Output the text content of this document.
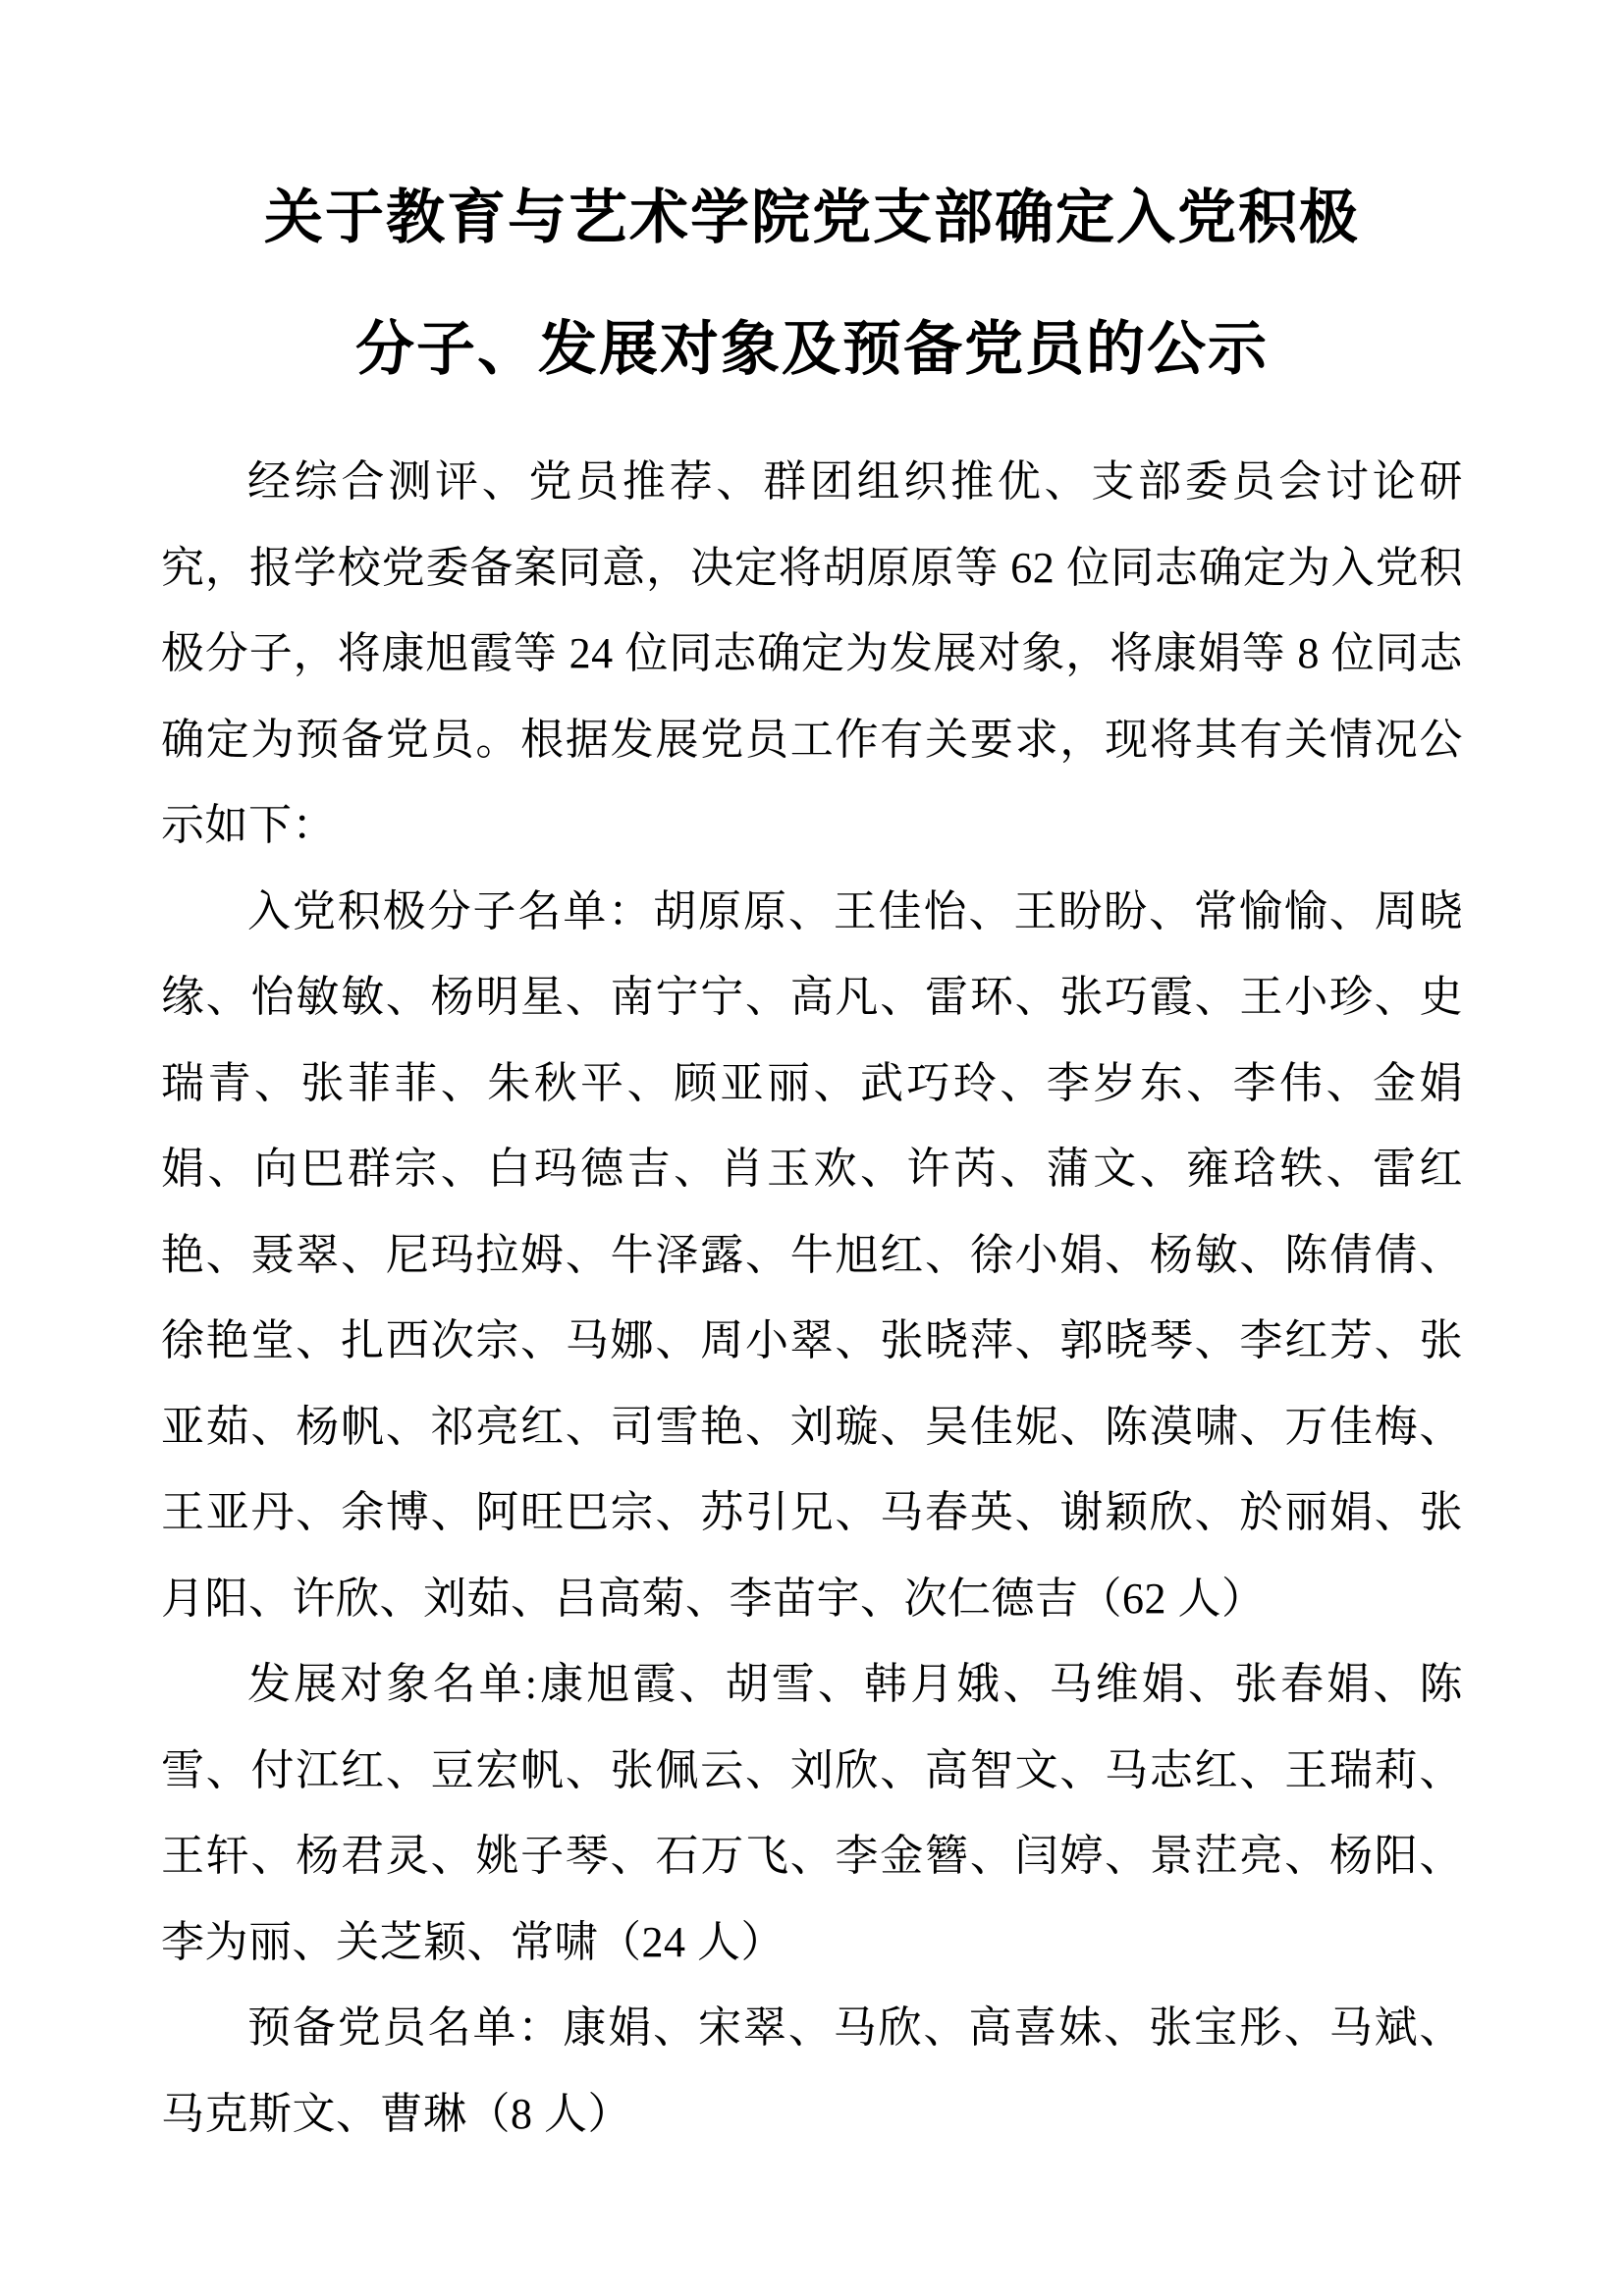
关于教育与艺术学院党支部确定入党积极
分子、发展对象及预备党员的公示

经综合测评、党员推荐、群团组织推优、支部委员会讨论研究，报学校党委备案同意，决定将胡原原等 62 位同志确定为入党积极分子，将康旭霞等 24 位同志确定为发展对象，将康娟等 8 位同志确定为预备党员。根据发展党员工作有关要求，现将其有关情况公示如下：

入党积极分子名单：胡原原、王佳怡、王盼盼、常愉愉、周晓缘、怡敏敏、杨明星、南宁宁、高凡、雷环、张巧霞、王小珍、史瑞青、张菲菲、朱秋平、顾亚丽、武巧玲、李岁东、李伟、金娟娟、向巴群宗、白玛德吉、肖玉欢、许芮、蒲文、雍琀轶、雷红艳、聂翠、尼玛拉姆、牛泽露、牛旭红、徐小娟、杨敏、陈倩倩、徐艳堂、扎西次宗、马娜、周小翠、张晓萍、郭晓琴、李红芳、张亚茹、杨帆、祁亮红、司雪艳、刘璇、吴佳妮、陈漠啸、万佳梅、王亚丹、余博、阿旺巴宗、苏引兄、马春英、谢颖欣、於丽娟、张月阳、许欣、刘茹、吕高菊、李苗宇、次仁德吉（62 人）

发展对象名单:康旭霞、胡雪、韩月娥、马维娟、张春娟、陈雪、付江红、豆宏帆、张佩云、刘欣、高智文、马志红、王瑞莉、王轩、杨君灵、姚子琴、石万飞、李金簪、闫婷、景茳亮、杨阳、李为丽、关芝颖、常啸（24 人）

预备党员名单：康娟、宋翠、马欣、高喜妹、张宝彤、马斌、马克斯文、曹琳（8 人）
